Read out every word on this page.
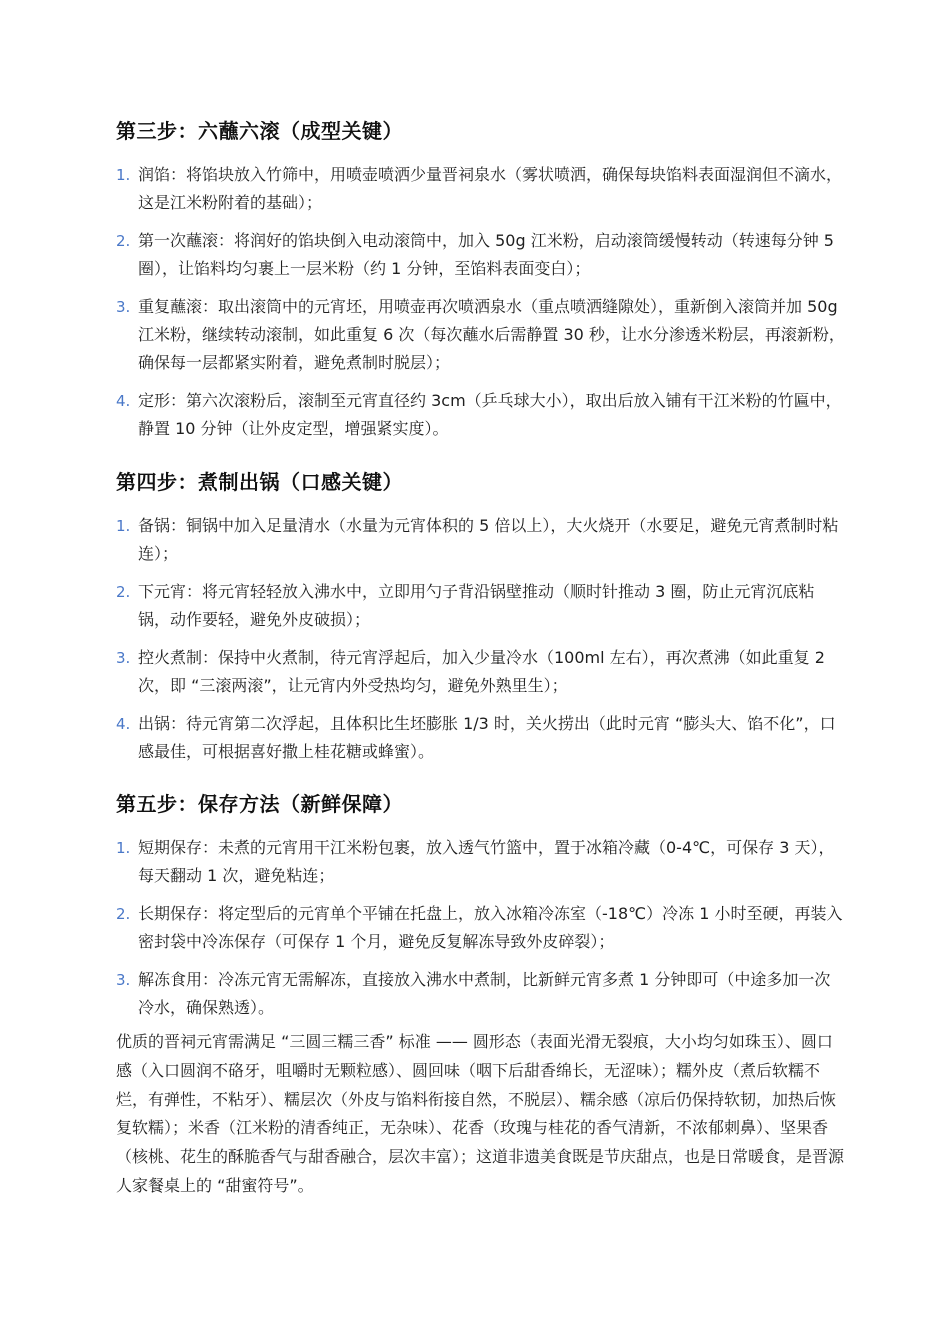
第三步：六蘸六滚（成型关键）
1. 润馅：将馅块放入竹筛中，用喷壶喷洒少量晋祠泉水（雾状喷洒，确保每块馅料表面湿润但不滴水，这是江米粉附着的基础）；
2. 第一次蘸滚：将润好的馅块倒入电动滚筒中，加入 50g 江米粉，启动滚筒缓慢转动（转速每分钟 5 圈），让馅料均匀裹上一层米粉（约 1 分钟，至馅料表面变白）；
3. 重复蘸滚：取出滚筒中的元宵坯，用喷壶再次喷洒泉水（重点喷洒缝隙处），重新倒入滚筒并加 50g 江米粉，继续转动滚制，如此重复 6 次（每次蘸水后需静置 30 秒，让水分渗透米粉层，再滚新粉，确保每一层都紧实附着，避免煮制时脱层）；
4. 定形：第六次滚粉后，滚制至元宵直径约 3cm（乒乓球大小），取出后放入铺有干江米粉的竹匾中，静置 10 分钟（让外皮定型，增强紧实度）。
第四步：煮制出锅（口感关键）
1. 备锅：铜锅中加入足量清水（水量为元宵体积的 5 倍以上），大火烧开（水要足，避免元宵煮制时粘连）；
2. 下元宵：将元宵轻轻放入沸水中，立即用勺子背沿锅壁推动（顺时针推动 3 圈，防止元宵沉底粘锅，动作要轻，避免外皮破损）；
3. 控火煮制：保持中火煮制，待元宵浮起后，加入少量冷水（100ml 左右），再次煮沸（如此重复 2 次，即 “三滚两滚”，让元宵内外受热均匀，避免外熟里生）；
4. 出锅：待元宵第二次浮起，且体积比生坯膨胀 1/3 时，关火捞出（此时元宵 “膨头大、馅不化”，口感最佳，可根据喜好撒上桂花糖或蜂蜜）。
第五步：保存方法（新鲜保障）
1. 短期保存：未煮的元宵用干江米粉包裹，放入透气竹篮中，置于冰箱冷藏（0-4℃，可保存 3 天），每天翻动 1 次，避免粘连；
2. 长期保存：将定型后的元宵单个平铺在托盘上，放入冰箱冷冻室（-18℃）冷冻 1 小时至硬，再装入密封袋中冷冻保存（可保存 1 个月，避免反复解冻导致外皮碎裂）；
3. 解冻食用：冷冻元宵无需解冻，直接放入沸水中煮制，比新鲜元宵多煮 1 分钟即可（中途多加一次冷水，确保熟透）。

优质的晋祠元宵需满足 “三圆三糯三香” 标准 —— 圆形态（表面光滑无裂痕，大小均匀如珠玉）、圆口感（入口圆润不硌牙，咀嚼时无颗粒感）、圆回味（咽下后甜香绵长，无涩味）；糯外皮（煮后软糯不烂，有弹性，不粘牙）、糯层次（外皮与馅料衔接自然，不脱层）、糯余感（凉后仍保持软韧，加热后恢复软糯）；米香（江米粉的清香纯正，无杂味）、花香（玫瑰与桂花的香气清新，不浓郁刺鼻）、坚果香（核桃、花生的酥脆香气与甜香融合，层次丰富）；这道非遗美食既是节庆甜点，也是日常暖食，是晋源人家餐桌上的 “甜蜜符号”。
